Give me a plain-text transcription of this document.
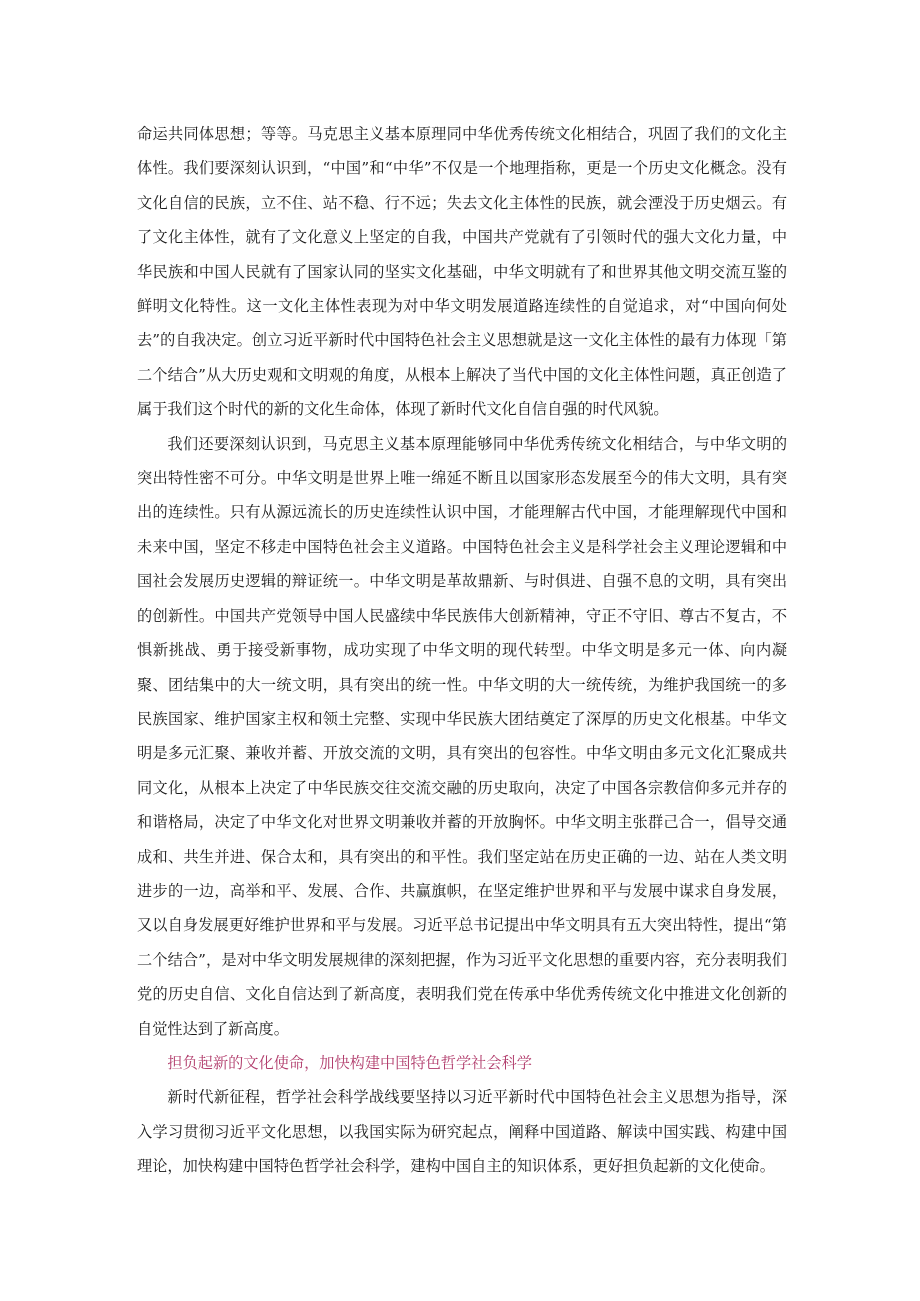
命运共同体思想；等等。马克思主义基本原理同中华优秀传统文化相结合，巩固了我们的文化主体性。我们要深刻认识到，“中国”和“中华”不仅是一个地理指称，更是一个历史文化概念。没有文化自信的民族，立不住、站不稳、行不远；失去文化主体性的民族，就会湮没于历史烟云。有了文化主体性，就有了文化意义上坚定的自我，中国共产党就有了引领时代的强大文化力量，中华民族和中国人民就有了国家认同的坚实文化基础，中华文明就有了和世界其他文明交流互鉴的鲜明文化特性。这一文化主体性表现为对中华文明发展道路连续性的自觉追求，对“中国向何处去”的自我决定。创立习近平新时代中国特色社会主义思想就是这一文化主体性的最有力体现「第二个结合”从大历史观和文明观的角度，从根本上解决了当代中国的文化主体性问题，真正创造了属于我们这个时代的新的文化生命体，体现了新时代文化自信自强的时代风貌。

我们还要深刻认识到，马克思主义基本原理能够同中华优秀传统文化相结合，与中华文明的突出特性密不可分。中华文明是世界上唯一绵延不断且以国家形态发展至今的伟大文明，具有突出的连续性。只有从源远流长的历史连续性认识中国，才能理解古代中国，才能理解现代中国和未来中国，坚定不移走中国特色社会主义道路。中国特色社会主义是科学社会主义理论逻辑和中国社会发展历史逻辑的辩证统一。中华文明是革故鼎新、与时俱进、自强不息的文明，具有突出的创新性。中国共产党领导中国人民盛续中华民族伟大创新精神，守正不守旧、尊古不复古，不惧新挑战、勇于接受新事物，成功实现了中华文明的现代转型。中华文明是多元一体、向内凝聚、团结集中的大一统文明，具有突出的统一性。中华文明的大一统传统，为维护我国统一的多民族国家、维护国家主权和领土完整、实现中华民族大团结奠定了深厚的历史文化根基。中华文明是多元汇聚、兼收并蓄、开放交流的文明，具有突出的包容性。中华文明由多元文化汇聚成共同文化，从根本上决定了中华民族交往交流交融的历史取向，决定了中国各宗教信仰多元并存的和谐格局，决定了中华文化对世界文明兼收并蓄的开放胸怀。中华文明主张群己合一，倡导交通成和、共生并进、保合太和，具有突出的和平性。我们坚定站在历史正确的一边、站在人类文明进步的一边，高举和平、发展、合作、共赢旗帜，在坚定维护世界和平与发展中谋求自身发展，又以自身发展更好维护世界和平与发展。习近平总书记提出中华文明具有五大突出特性，提出“第二个结合”，是对中华文明发展规律的深刻把握，作为习近平文化思想的重要内容，充分表明我们党的历史自信、文化自信达到了新高度，表明我们党在传承中华优秀传统文化中推进文化创新的自觉性达到了新高度。

担负起新的文化使命，加快构建中国特色哲学社会科学

新时代新征程，哲学社会科学战线要坚持以习近平新时代中国特色社会主义思想为指导，深入学习贯彻习近平文化思想，以我国实际为研究起点，阐释中国道路、解读中国实践、构建中国理论，加快构建中国特色哲学社会科学，建构中国自主的知识体系，更好担负起新的文化使命。
